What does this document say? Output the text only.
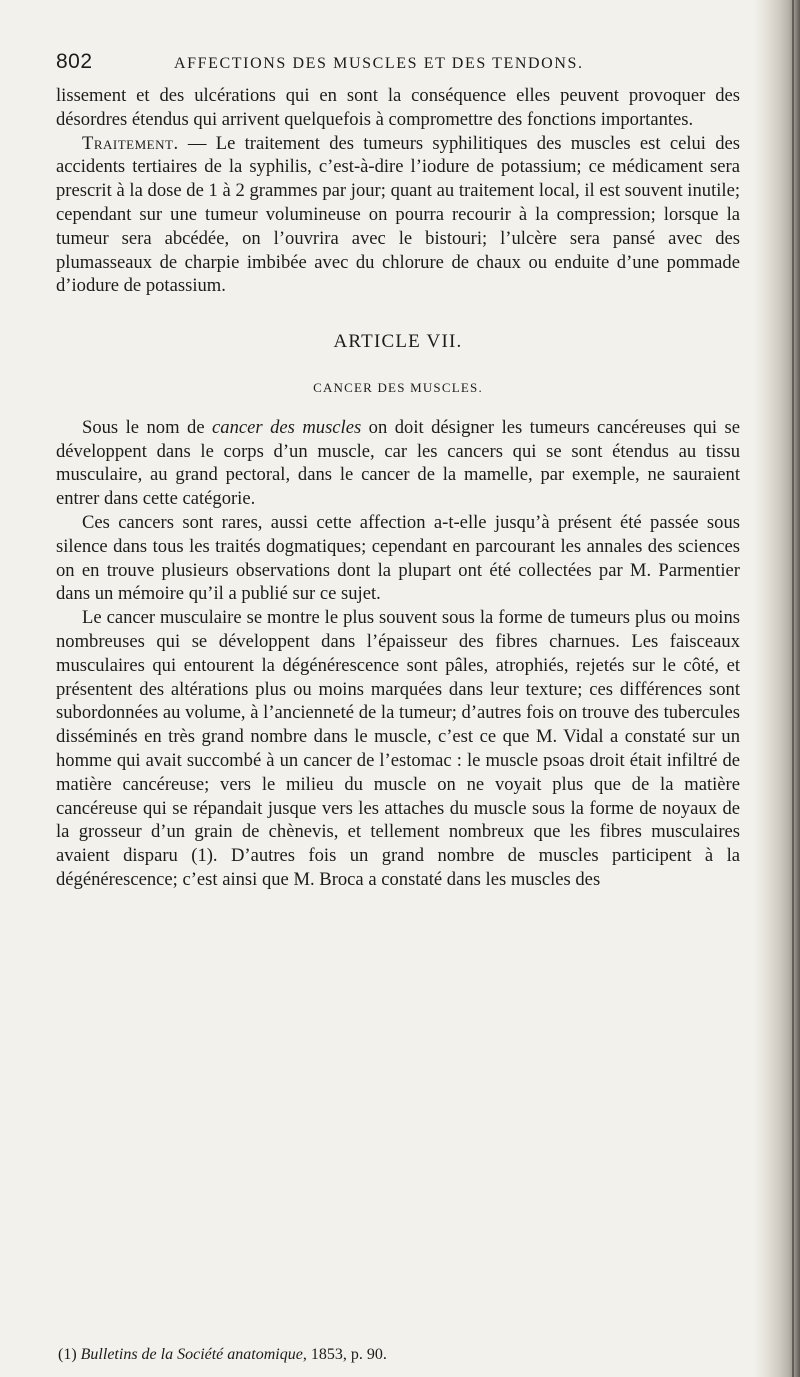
802	AFFECTIONS DES MUSCLES ET DES TENDONS.

lissement et des ulcérations qui en sont la conséquence elles peuvent provoquer des désordres étendus qui arrivent quelquefois à compromettre des fonctions importantes.

Traitement. — Le traitement des tumeurs syphilitiques des muscles est celui des accidents tertiaires de la syphilis, c’est-à-dire l’iodure de potassium; ce médicament sera prescrit à la dose de 1 à 2 grammes par jour; quant au traitement local, il est souvent inutile; cependant sur une tumeur volumineuse on pourra recourir à la compression; lorsque la tumeur sera abcédée, on l’ouvrira avec le bistouri; l’ulcère sera pansé avec des plumasseaux de charpie imbibée avec du chlorure de chaux ou enduite d’une pommade d’iodure de potassium.

ARTICLE VII.
CANCER DES MUSCLES.

Sous le nom de cancer des muscles on doit désigner les tumeurs cancéreuses qui se développent dans le corps d’un muscle, car les cancers qui se sont étendus au tissu musculaire, au grand pectoral, dans le cancer de la mamelle, par exemple, ne sauraient entrer dans cette catégorie.

Ces cancers sont rares, aussi cette affection a-t-elle jusqu’à présent été passée sous silence dans tous les traités dogmatiques; cependant en parcourant les annales des sciences on en trouve plusieurs observations dont la plupart ont été collectées par M. Parmentier dans un mémoire qu’il a publié sur ce sujet.

Le cancer musculaire se montre le plus souvent sous la forme de tumeurs plus ou moins nombreuses qui se développent dans l’épaisseur des fibres charnues. Les faisceaux musculaires qui entourent la dégénérescence sont pâles, atrophiés, rejetés sur le côté, et présentent des altérations plus ou moins marquées dans leur texture; ces différences sont subordonnées au volume, à l’ancienneté de la tumeur; d’autres fois on trouve des tubercules disséminés en très grand nombre dans le muscle, c’est ce que M. Vidal a constaté sur un homme qui avait succombé à un cancer de l’estomac : le muscle psoas droit était infiltré de matière cancéreuse; vers le milieu du muscle on ne voyait plus que de la matière cancéreuse qui se répandait jusque vers les attaches du muscle sous la forme de noyaux de la grosseur d’un grain de chènevis, et tellement nombreux que les fibres musculaires avaient disparu (1). D’autres fois un grand nombre de muscles participent à la dégénérescence; c’est ainsi que M. Broca a constaté dans les muscles des

(1) Bulletins de la Société anatomique, 1853, p. 90.
